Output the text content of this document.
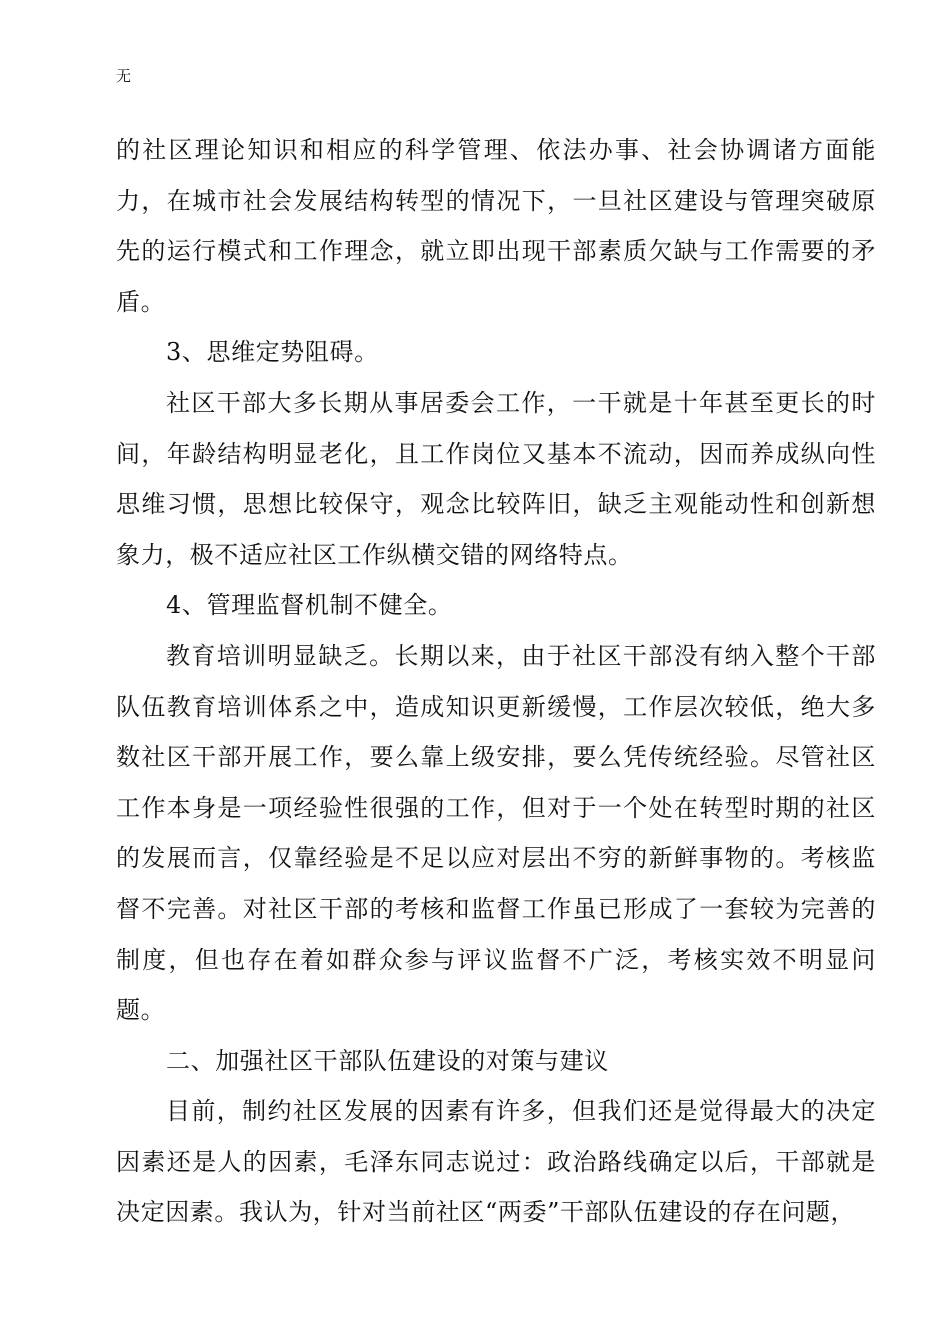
无

的社区理论知识和相应的科学管理、依法办事、社会协调诸方面能力，在城市社会发展结构转型的情况下，一旦社区建设与管理突破原先的运行模式和工作理念，就立即出现干部素质欠缺与工作需要的矛盾。

3、思维定势阻碍。

社区干部大多长期从事居委会工作，一干就是十年甚至更长的时间，年龄结构明显老化，且工作岗位又基本不流动，因而养成纵向性思维习惯，思想比较保守，观念比较阵旧，缺乏主观能动性和创新想象力，极不适应社区工作纵横交错的网络特点。

4、管理监督机制不健全。

教育培训明显缺乏。长期以来，由于社区干部没有纳入整个干部队伍教育培训体系之中，造成知识更新缓慢，工作层次较低，绝大多数社区干部开展工作，要么靠上级安排，要么凭传统经验。尽管社区工作本身是一项经验性很强的工作，但对于一个处在转型时期的社区的发展而言，仅靠经验是不足以应对层出不穷的新鲜事物的。考核监督不完善。对社区干部的考核和监督工作虽已形成了一套较为完善的制度，但也存在着如群众参与评议监督不广泛，考核实效不明显问题。

二、加强社区干部队伍建设的对策与建议

目前，制约社区发展的因素有许多，但我们还是觉得最大的决定因素还是人的因素，毛泽东同志说过：政治路线确定以后，干部就是决定因素。我认为，针对当前社区“两委”干部队伍建设的存在问题，
